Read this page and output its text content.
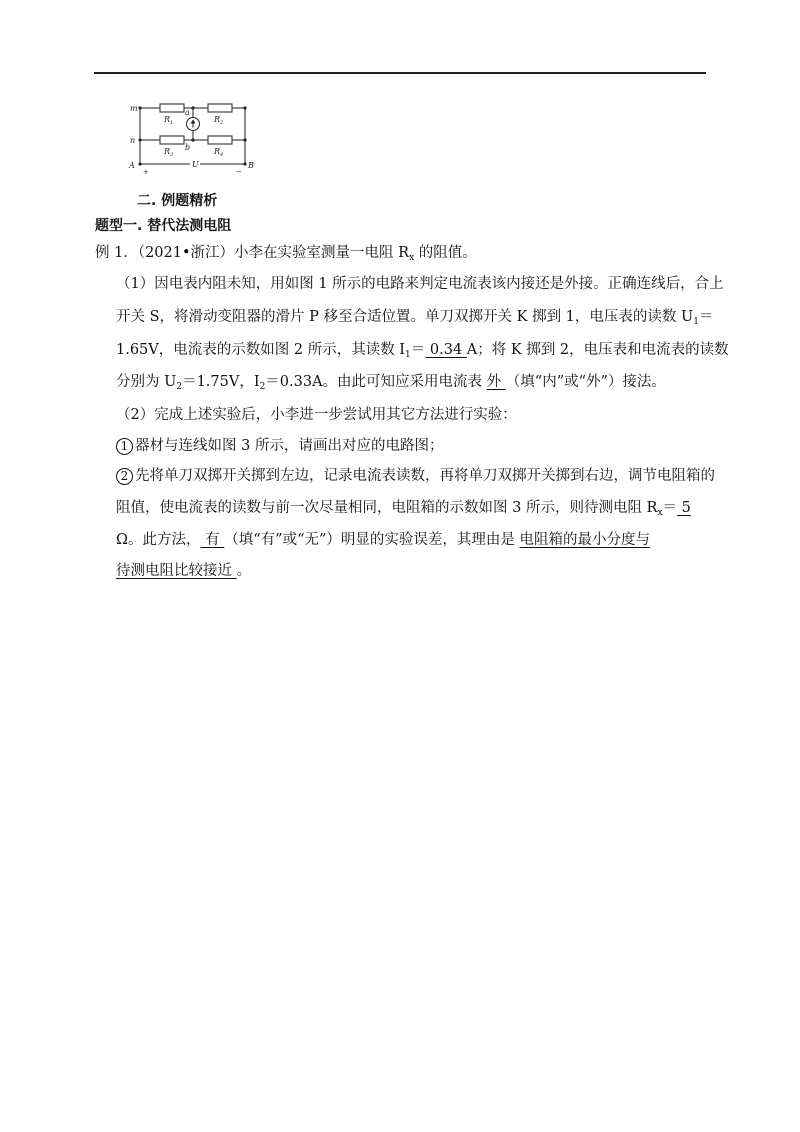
m
n
a
b
A	B
U
$R_1$	$R_2$
$R_3$	$R_4$
+	−
二. 例题精析
题型一. 替代法测电阻
例 1．（2021•浙江）小李在实验室测量一电阻 $R_x$ 的阻值。
（1）因电表内阻未知，用如图 1 所示的电路来判定电流表该内接还是外接。正确连线后，合上
开关 S，将滑动变阻器的滑片 P 移至合适位置。单刀双掷开关 K 掷到 1，电压表的读数 $U_1=$
1.65V，电流表的示数如图 2 所示，其读数 $I_1= 0.34$ A；将 K 掷到 2，电压表和电流表的读数
分别为 $U_2=1.75V$，$I_2=0.33A$。由此可知应采用电流表 外 （填“内”或“外”）接法。
（2）完成上述实验后，小李进一步尝试用其它方法进行实验：
1 器材与连线如图 3 所示，请画出对应的电路图；
2 先将单刀双掷开关掷到左边，记录电流表读数，再将单刀双掷开关掷到右边，调节电阻箱的
阻值，使电流表的读数与前一次尽量相同，电阻箱的示数如图 3 所示，则待测电阻 $R_x= 5$
Ω。此方法， 有 （填“有”或“无”）明显的实验误差，其理由是 电阻箱的最小分度与
待测电阻比较接近 。
